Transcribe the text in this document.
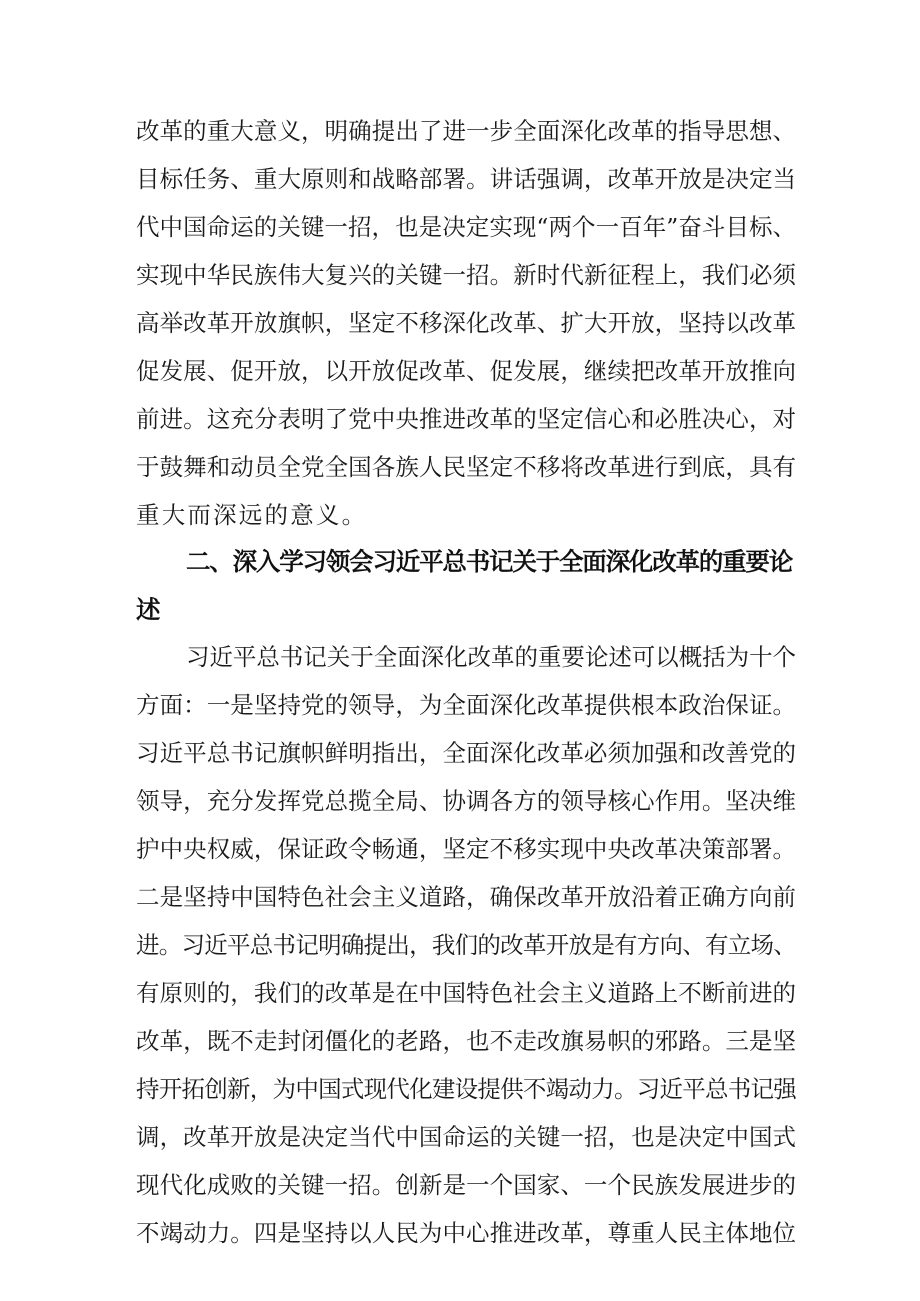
改革的重大意义，明确提出了进一步全面深化改革的指导思想、
目标任务、重大原则和战略部署。讲话强调，改革开放是决定当
代中国命运的关键一招，也是决定实现“两个一百年”奋斗目标、
实现中华民族伟大复兴的关键一招。新时代新征程上，我们必须
高举改革开放旗帜，坚定不移深化改革、扩大开放，坚持以改革
促发展、促开放，以开放促改革、促发展，继续把改革开放推向
前进。这充分表明了党中央推进改革的坚定信心和必胜决心，对
于鼓舞和动员全党全国各族人民坚定不移将改革进行到底，具有
重大而深远的意义。
二、深入学习领会习近平总书记关于全面深化改革的重要论
述
习近平总书记关于全面深化改革的重要论述可以概括为十个
方面：一是坚持党的领导，为全面深化改革提供根本政治保证。
习近平总书记旗帜鲜明指出，全面深化改革必须加强和改善党的
领导，充分发挥党总揽全局、协调各方的领导核心作用。坚决维
护中央权威，保证政令畅通，坚定不移实现中央改革决策部署。
二是坚持中国特色社会主义道路，确保改革开放沿着正确方向前
进。习近平总书记明确提出，我们的改革开放是有方向、有立场、
有原则的，我们的改革是在中国特色社会主义道路上不断前进的
改革，既不走封闭僵化的老路，也不走改旗易帜的邪路。三是坚
持开拓创新，为中国式现代化建设提供不竭动力。习近平总书记强
调，改革开放是决定当代中国命运的关键一招，也是决定中国式
现代化成败的关键一招。创新是一个国家、一个民族发展进步的
不竭动力。四是坚持以人民为中心推进改革，尊重人民主体地位
